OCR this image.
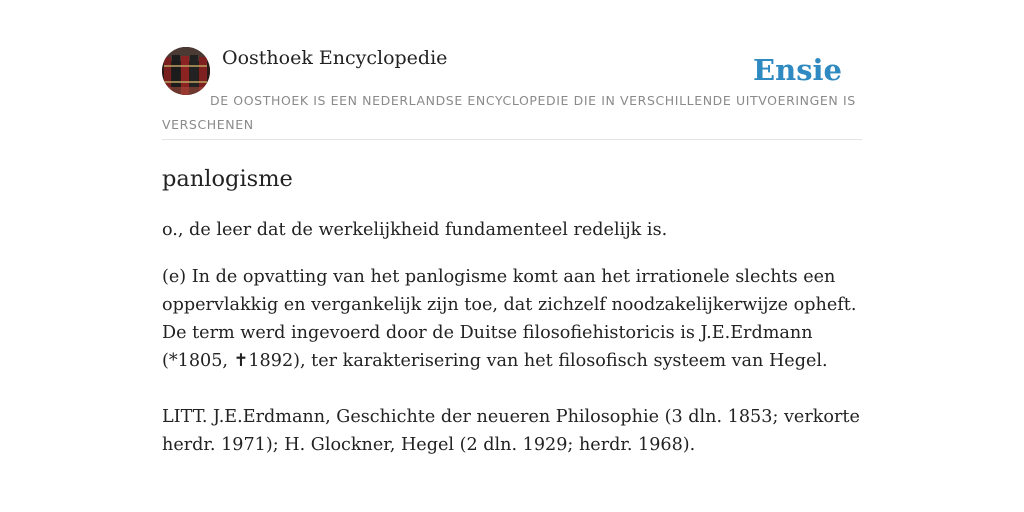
Oosthoek Encyclopedie	Ensie

DE OOSTHOEK IS EEN NEDERLANDSE ENCYCLOPEDIE DIE IN VERSCHILLENDE UITVOERINGEN IS VERSCHENEN

panlogisme

o., de leer dat de werkelijkheid fundamenteel redelijk is.

(e) In de opvatting van het panlogisme komt aan het irrationele slechts een oppervlakkig en vergankelijk zijn toe, dat zichzelf noodzakelijkerwijze opheft. De term werd ingevoerd door de Duitse filosofiehistoricis is J.E.Erdmann (*1805, ✝1892), ter karakterisering van het filosofisch systeem van Hegel.

LITT. J.E.Erdmann, Geschichte der neueren Philosophie (3 dln. 1853; verkorte herdr. 1971); H. Glockner, Hegel (2 dln. 1929; herdr. 1968).
